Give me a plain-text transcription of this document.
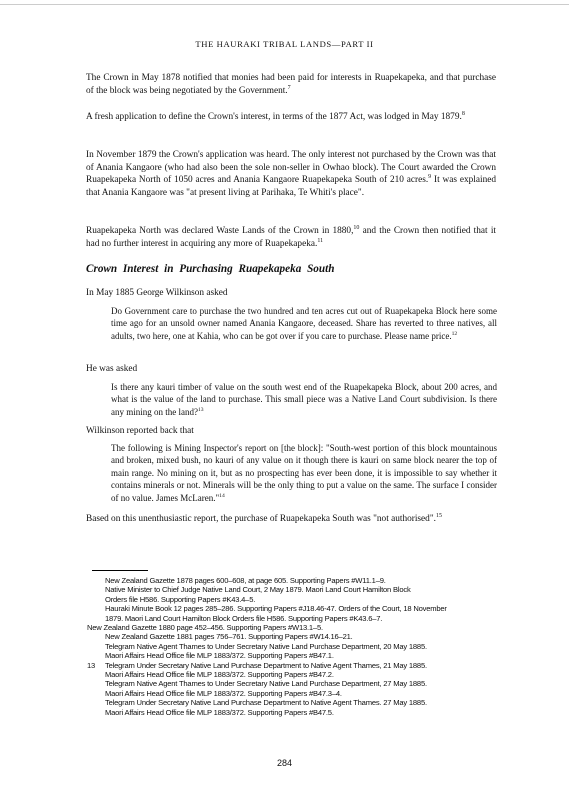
THE HAURAKI TRIBAL LANDS—PART II
The Crown in May 1878 notified that monies had been paid for interests in Ruapekapeka, and that purchase of the block was being negotiated by the Government.$^7$
A fresh application to define the Crown's interest, in terms of the 1877 Act, was lodged in May 1879.$^8$
In November 1879 the Crown's application was heard. The only interest not purchased by the Crown was that of Anania Kangaore (who had also been the sole non-seller in Owhao block). The Court awarded the Crown Ruapekapeka North of 1050 acres and Anania Kangaore Ruapekapeka South of 210 acres.$^9$ It was explained that Anania Kangaore was "at present living at Parihaka, Te Whiti's place".
Ruapekapeka North was declared Waste Lands of the Crown in 1880,10 and the Crown then notified that it had no further interest in acquiring any more of Ruapekapeka.$^{11}$
Crown Interest in Purchasing Ruapekapeka South
In May 1885 George Wilkinson asked
Do Government care to purchase the two hundred and ten acres cut out of Ruapekapeka Block here some time ago for an unsold owner named Anania Kangaore, deceased. Share has reverted to three natives, all adults, two here, one at Kahia, who can be got over if you care to purchase. Please name price.$^{12}$
He was asked
Is there any kauri timber of value on the south west end of the Ruapekapeka Block, about 200 acres, and what is the value of the land to purchase. This small piece was a Native Land Court subdivision. Is there any mining on the land?$^{13}$
Wilkinson reported back that
The following is Mining Inspector's report on [the block]: "South-west portion of this block mountainous and broken, mixed bush, no kauri of any value on it though there is kauri on same block nearer the top of main range. No mining on it, but as no prospecting has ever been done, it is impossible to say whether it contains minerals or not. Minerals will be the only thing to put a value on the same. The surface I consider of no value. James McLaren."$^{14}$
Based on this unenthusiastic report, the purchase of Ruapekapeka South was "not authorised".$^{15}$
New Zealand Gazette 1878 pages 600–608, at page 605. Supporting Papers #W11.1–9.
Native Minister to Chief Judge Native Land Court, 2 May 1879. Maori Land Court Hamilton Block
Orders file H586. Supporting Papers #K43.4–5.
Hauraki Minute Book 12 pages 285–286. Supporting Papers #J18.46-47. Orders of the Court, 18 November
1879. Maori Land Court Hamilton Block Orders file H586. Supporting Papers #K43.6–7.
New Zealand Gazette 1880 page 452–456. Supporting Papers #W13.1–5.
New Zealand Gazette 1881 pages 756–761. Supporting Papers #W14.16–21.
Telegram Native Agent Thames to Under Secretary Native Land Purchase Department, 20 May 1885.
Maori Affairs Head Office file MLP 1883/372. Supporting Papers #B47.1.
13	Telegram Under Secretary Native Land Purchase Department to Native Agent Thames, 21 May 1885.
Maori Affairs Head Office file MLP 1883/372. Supporting Papers #B47.2.
Telegram Native Agent Thames to Under Secretary Native Land Purchase Department, 27 May 1885.
Maori Affairs Head Office file MLP 1883/372. Supporting Papers #B47.3–4.
Telegram Under Secretary Native Land Purchase Department to Native Agent Thames. 27 May 1885.
Maori Affairs Head Office file MLP 1883/372. Supporting Papers #B47.5.
284
